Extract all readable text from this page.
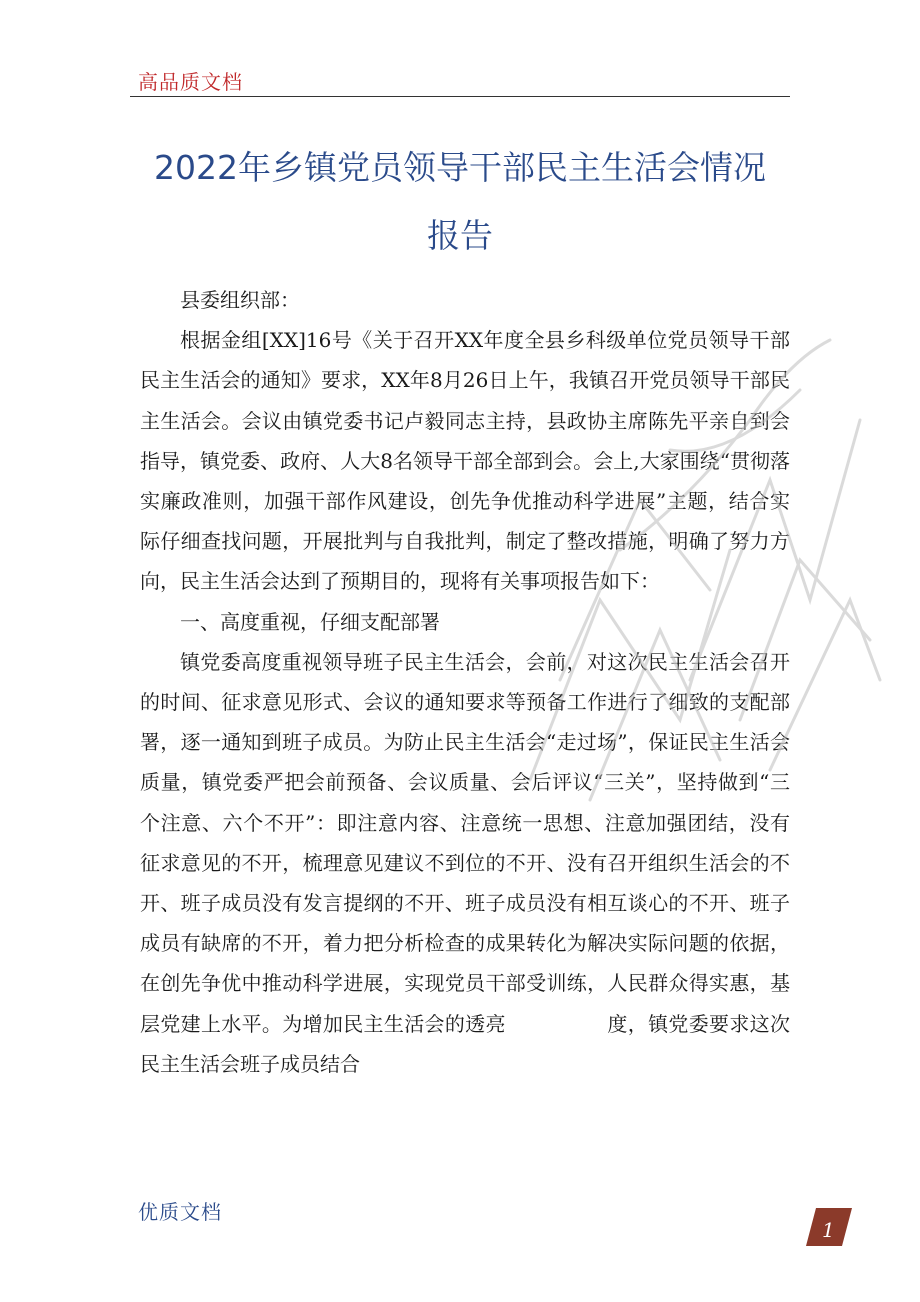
高品质文档
2022年乡镇党员领导干部民主生活会情况
报告

县委组织部：

根据金组[XX]16号《关于召开XX年度全县乡科级单位党员领导干部民主生活会的通知》要求，XX年8月26日上午，我镇召开党员领导干部民主生活会。会议由镇党委书记卢毅同志主持，县政协主席陈先平亲自到会指导，镇党委、政府、人大8名领导干部全部到会。会上,大家围绕“贯彻落实廉政准则，加强干部作风建设，创先争优推动科学进展”主题，结合实际仔细查找问题，开展批判与自我批判，制定了整改措施，明确了努力方向，民主生活会达到了预期目的，现将有关事项报告如下：

一、高度重视，仔细支配部署

镇党委高度重视领导班子民主生活会，会前，对这次民主生活会召开的时间、征求意见形式、会议的通知要求等预备工作进行了细致的支配部署，逐一通知到班子成员。为防止民主生活会“走过场”，保证民主生活会质量，镇党委严把会前预备、会议质量、会后评议“三关”，坚持做到“三个注意、六个不开”：即注意内容、注意统一思想、注意加强团结，没有征求意见的不开，梳理意见建议不到位的不开、没有召开组织生活会的不开、班子成员没有发言提纲的不开、班子成员没有相互谈心的不开、班子成员有缺席的不开，着力把分析检查的成果转化为解决实际问题的依据，在创先争优中推动科学进展，实现党员干部受训练，人民群众得实惠，基层党建上水平。为增加民主生活会的透亮　　　　　度，镇党委要求这次民主生活会班子成员结合

优质文档
1
